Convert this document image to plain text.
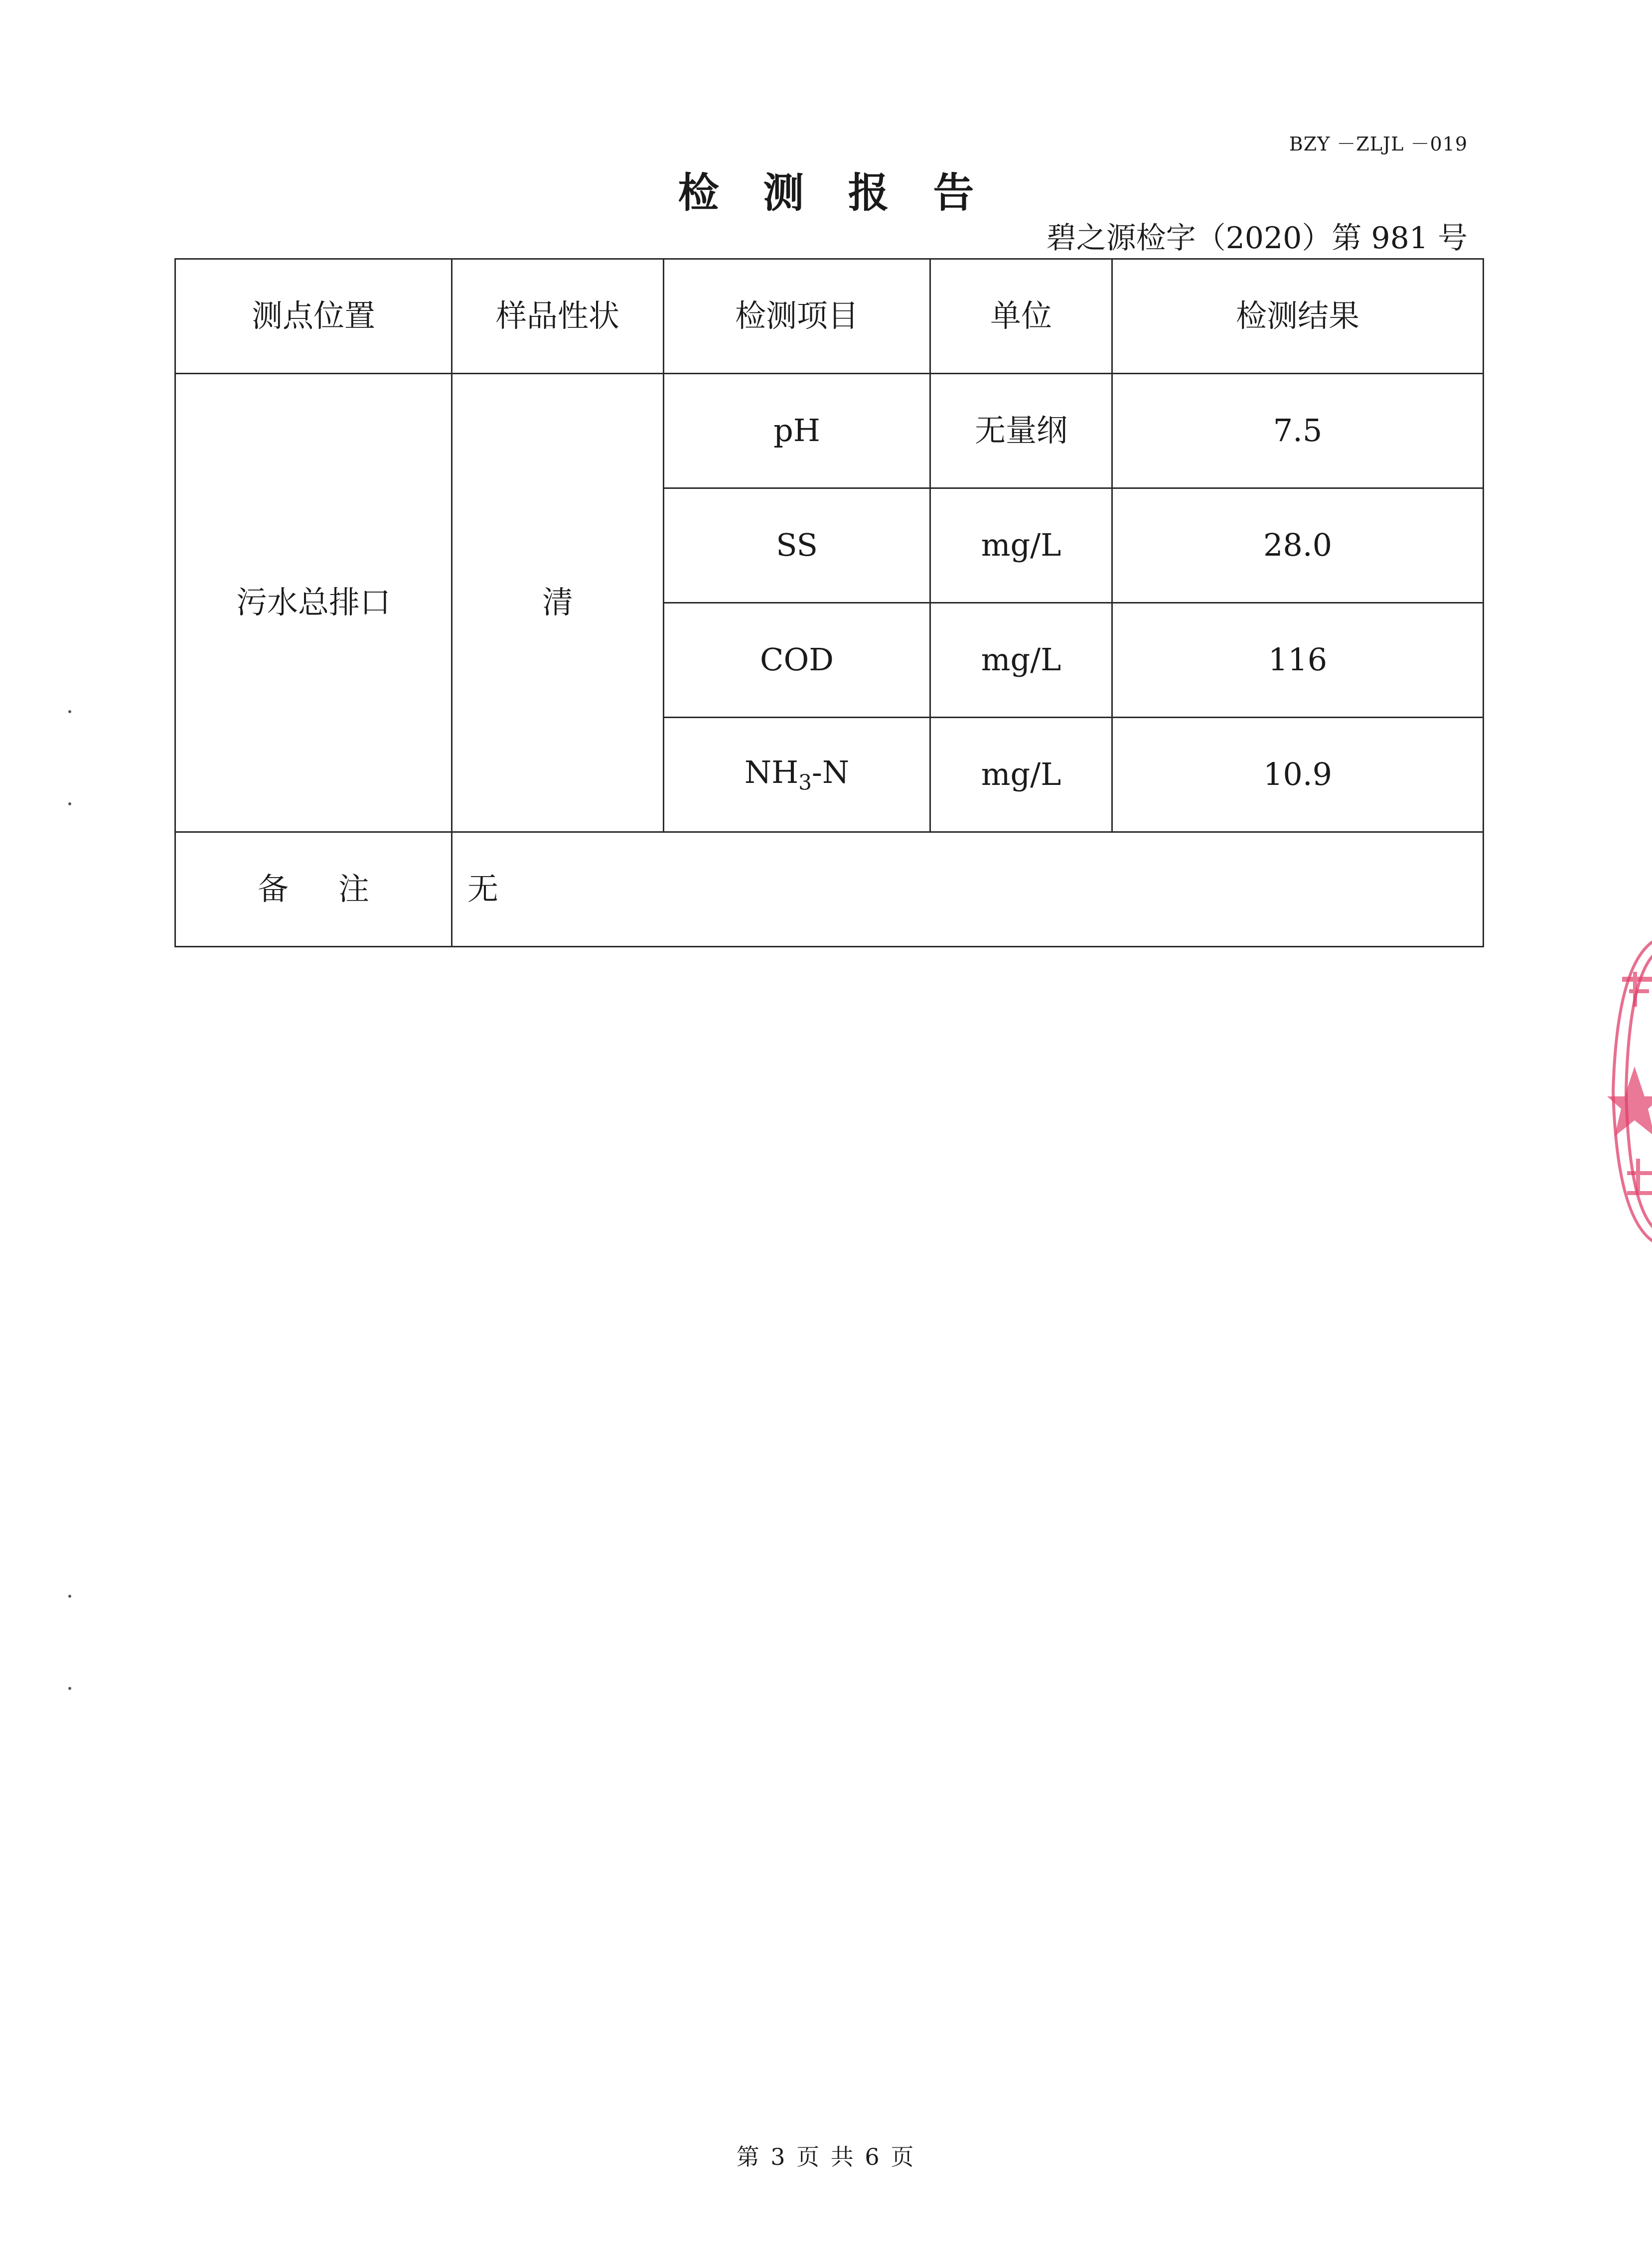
BZY －ZLJL －019
检 测 报 告
碧之源检字（2020）第 981 号
测点位置	样品性状	检测项目	单位	检测结果
污水总排口	清	pH	无量纲	7.5
		SS	mg/L	28.0
		COD	mg/L	116
		$NH_3-N$	mg/L	10.9
备 注	无			
第 3 页 共 6 页
